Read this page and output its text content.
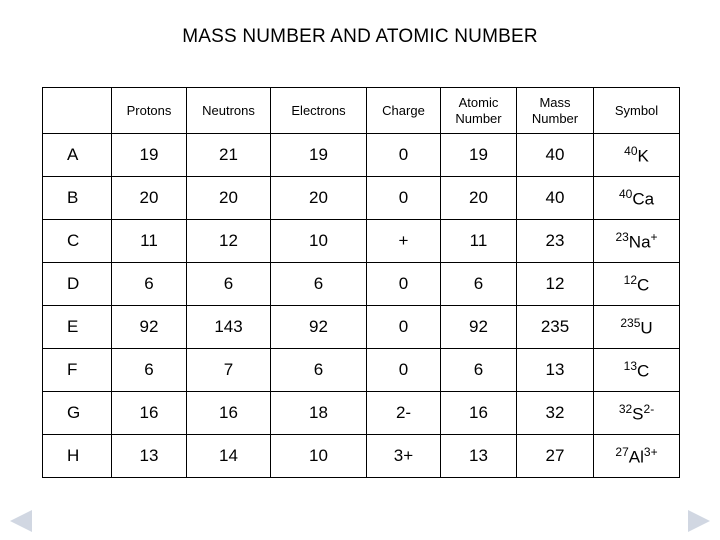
MASS NUMBER AND ATOMIC NUMBER
	Protons	Neutrons	Electrons	Charge	Atomic Number	Mass Number	Symbol
A	19	21	19	0	19	40	$^{40}$K
B	20	20	20	0	20	40	$^{40}$Ca
C	11	12	10	+	11	23	$^{23}$Na+
D	6	6	6	0	6	12	$^{12}$C
E	92	143	92	0	92	235	$^{235}$U
F	6	7	6	0	6	13	$^{13}$C
G	16	16	18	2-	16	32	$^{32}S^{2-}$
H	13	14	10	3+	13	27	$^{27}Al^{3+}$
